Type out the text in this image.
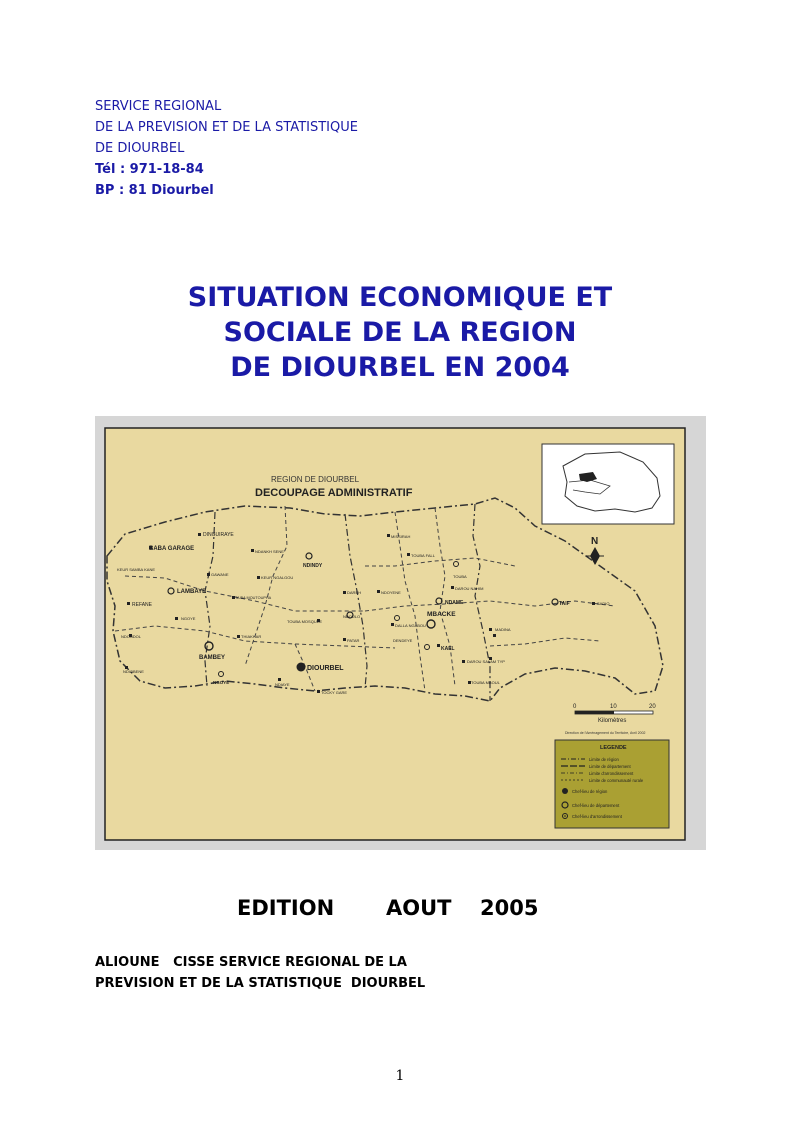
SERVICE REGIONAL
DE LA PREVISION ET DE LA STATISTIQUE
DE DIOURBEL
Tél : 971-18-84
BP : 81 Diourbel
SITUATION ECONOMIQUE ET
SOCIALE DE LA REGION
DE DIOURBEL EN 2004
REGION DE DIOURBEL
DECOUPAGE ADMINISTRATIF
N
0	10	20
Kilomètres
Direction de l'Aménagement du Territoire, Avril 2002
LEGENDE
Limite de région
Limite de département
Limite d'arrondissement
Limite de communauté rurale
Chef-lieu de région
Chef-lieu de département
Chef-lieu d'arrondissement
DINGUIRAYE
BABA GARAGE
KEUR SAMBA KANE
LAMBAYE
REFANE
NGOYE
NDONDOL
NDINDY
NDANKH SENE
GAWANE
TAIBA MOUTOUPHA
THIAKHAR
BAMBEY
NGOYE
NDIOBENE
KEUR NGALGOU
DIOURBEL
NDIAYE
TOCKY GARE
NDOULO
PATAR
TOUBA MOSQUEE
DAREH	NDOYENE
DALLA NGABOU
MISSIRAH
TOUBA FALL
NDAME
MBACKE
TOUBA
DAROU NAHIM
KAEL
DAROU SALAM TYP
TOUBA MBOUL
TAIF	SADIO
MADINA
DENDEYE
EDITION AOUT 2005
ALIOUNE   CISSE SERVICE REGIONAL DE LA
PREVISION ET DE LA STATISTIQUE  DIOURBEL
1
